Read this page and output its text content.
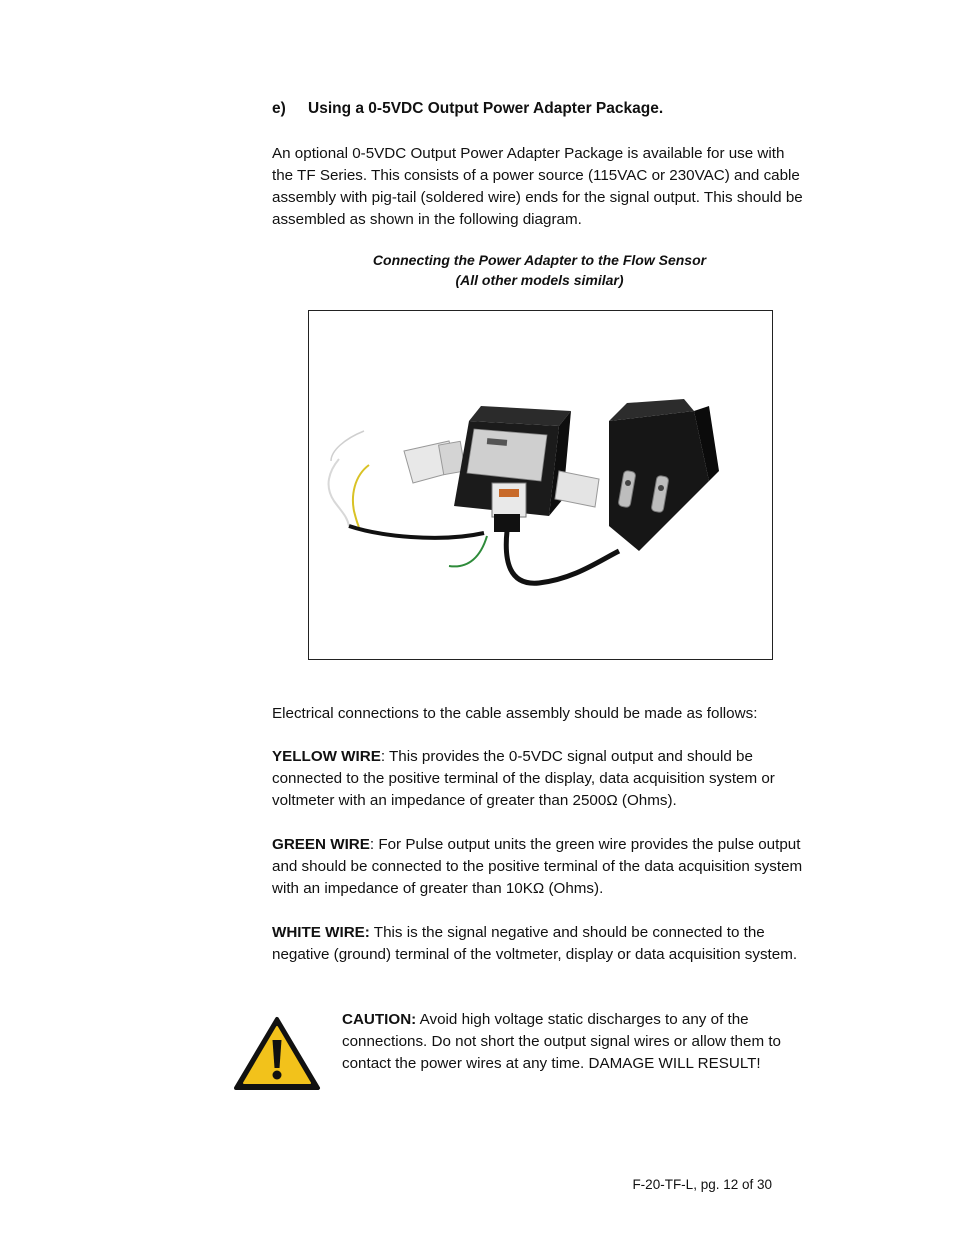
e) Using a 0-5VDC Output Power Adapter Package.
An optional 0-5VDC Output Power Adapter Package is available for use with the TF Series. This consists of a power source (115VAC or 230VAC) and cable assembly with pig-tail (soldered wire) ends for the signal output. This should be assembled as shown in the following diagram.
Connecting the Power Adapter to the Flow Sensor
(All other models similar)
Electrical connections to the cable assembly should be made as follows:
YELLOW WIRE: This provides the 0-5VDC signal output and should be connected to the positive terminal of the display, data acquisition system or voltmeter with an impedance of greater than 2500Ω (Ohms).
GREEN WIRE: For Pulse output units the green wire provides the pulse output and should be connected to the positive terminal of the data acquisition system with an impedance of greater than 10KΩ (Ohms).
WHITE WIRE: This is the signal negative and should be connected to the negative (ground) terminal of the voltmeter, display or data acquisition system.
CAUTION: Avoid high voltage static discharges to any of the connections. Do not short the output signal wires or allow them to contact the power wires at any time. DAMAGE WILL RESULT!
F-20-TF-L, pg. 12 of 30
